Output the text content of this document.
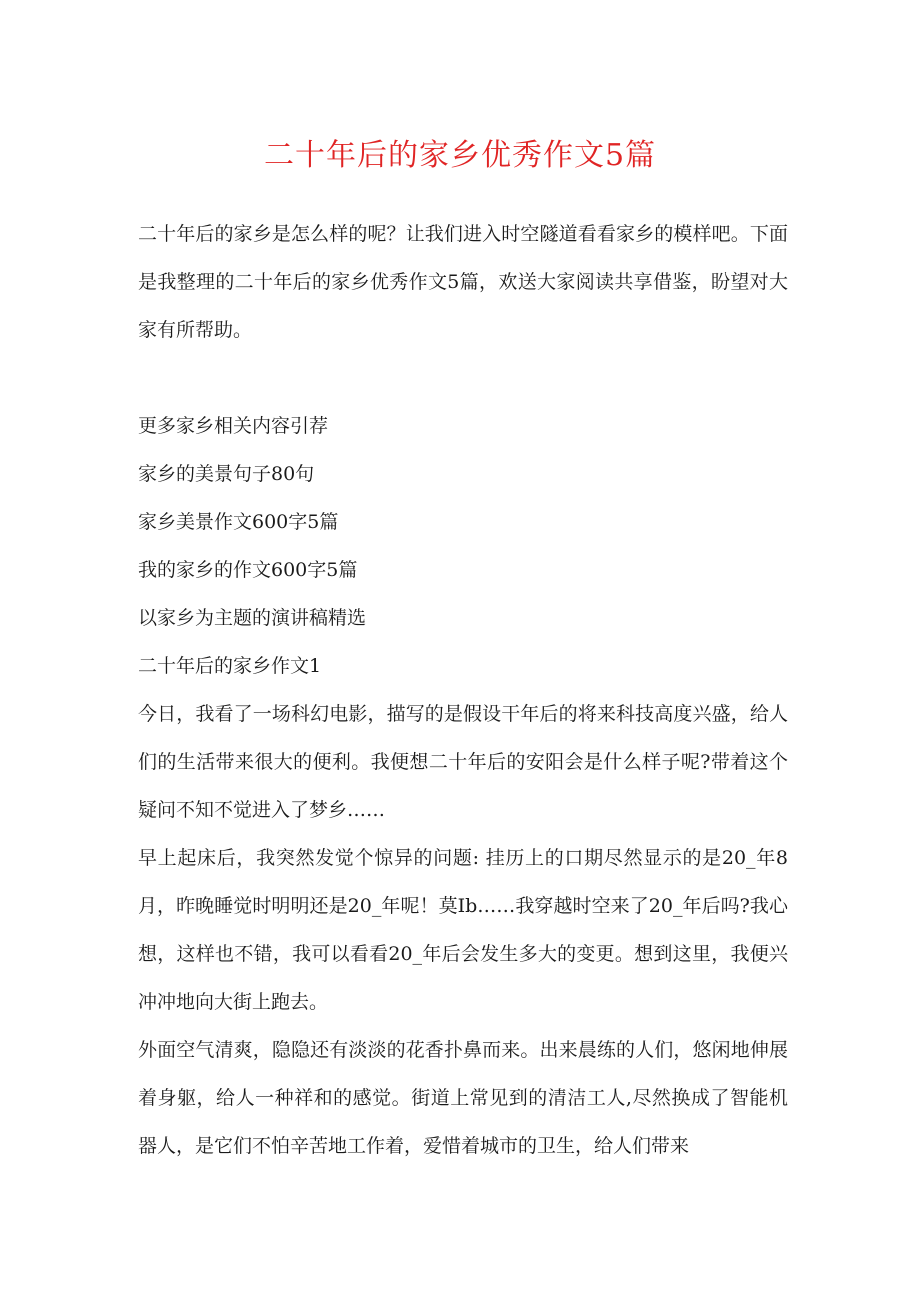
二十年后的家乡优秀作文5篇

二十年后的家乡是怎么样的呢？让我们进入时空隧道看看家乡的模样吧。下面是我整理的二十年后的家乡优秀作文5篇，欢送大家阅读共享借鉴，盼望对大家有所帮助。

更多家乡相关内容引荐

家乡的美景句子80句

家乡美景作文600字5篇

我的家乡的作文600字5篇

以家乡为主题的演讲稿精选

二十年后的家乡作文1

今日，我看了一场科幻电影，描写的是假设干年后的将来科技高度兴盛，给人们的生活带来很大的便利。我便想二十年后的安阳会是什么样子呢?带着这个疑问不知不觉进入了梦乡……

早上起床后，我突然发觉个惊异的问题: 挂历上的口期尽然显示的是20_年8月，昨晚睡觉时明明还是20_年呢！莫Ib……我穿越时空来了20_年后吗?我心想，这样也不错，我可以看看20_年后会发生多大的变更。想到这里，我便兴冲冲地向大街上跑去。

外面空气清爽，隐隐还有淡淡的花香扑鼻而来。出来晨练的人们，悠闲地伸展着身躯，给人一种祥和的感觉。街道上常见到的清洁工人,尽然换成了智能机器人，是它们不怕辛苦地工作着，爱惜着城市的卫生，给人们带来
